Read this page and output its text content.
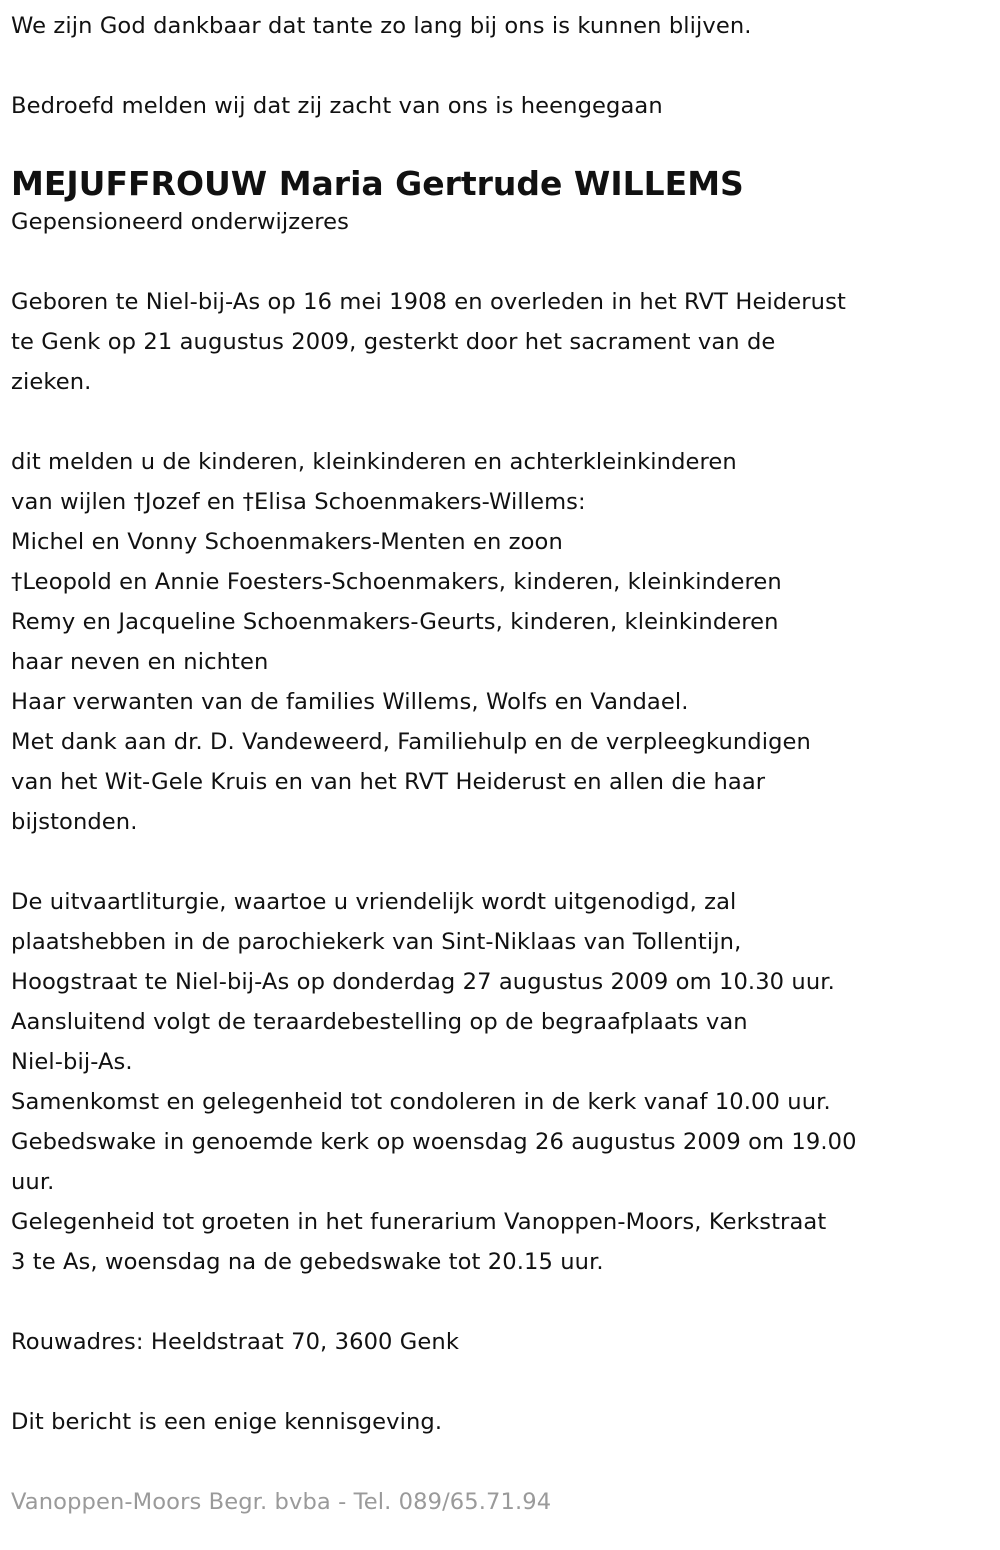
We zijn God dankbaar dat tante zo lang bij ons is kunnen blijven.
Bedroefd melden wij dat zij zacht van ons is heengegaan
MEJUFFROUW Maria Gertrude WILLEMS
Gepensioneerd onderwijzeres
Geboren te Niel-bij-As op 16 mei 1908 en overleden in het RVT Heiderust
te Genk op 21 augustus 2009, gesterkt door het sacrament van de
zieken.
dit melden u de kinderen, kleinkinderen en achterkleinkinderen
van wijlen †Jozef en †Elisa Schoenmakers-Willems:
Michel en Vonny Schoenmakers-Menten en zoon
†Leopold en Annie Foesters-Schoenmakers, kinderen, kleinkinderen
Remy en Jacqueline Schoenmakers-Geurts, kinderen, kleinkinderen
haar neven en nichten
Haar verwanten van de families Willems, Wolfs en Vandael.
Met dank aan dr. D. Vandeweerd, Familiehulp en de verpleegkundigen
van het Wit-Gele Kruis en van het RVT Heiderust en allen die haar
bijstonden.
De uitvaartliturgie, waartoe u vriendelijk wordt uitgenodigd, zal
plaatshebben in de parochiekerk van Sint-Niklaas van Tollentijn,
Hoogstraat te Niel-bij-As op donderdag 27 augustus 2009 om 10.30 uur.
Aansluitend volgt de teraardebestelling op de begraafplaats van
Niel-bij-As.
Samenkomst en gelegenheid tot condoleren in de kerk vanaf 10.00 uur.
Gebedswake in genoemde kerk op woensdag 26 augustus 2009 om 19.00
uur.
Gelegenheid tot groeten in het funerarium Vanoppen-Moors, Kerkstraat
3 te As, woensdag na de gebedswake tot 20.15 uur.
Rouwadres: Heeldstraat 70, 3600 Genk
Dit bericht is een enige kennisgeving.
Vanoppen-Moors Begr. bvba - Tel. 089/65.71.94
